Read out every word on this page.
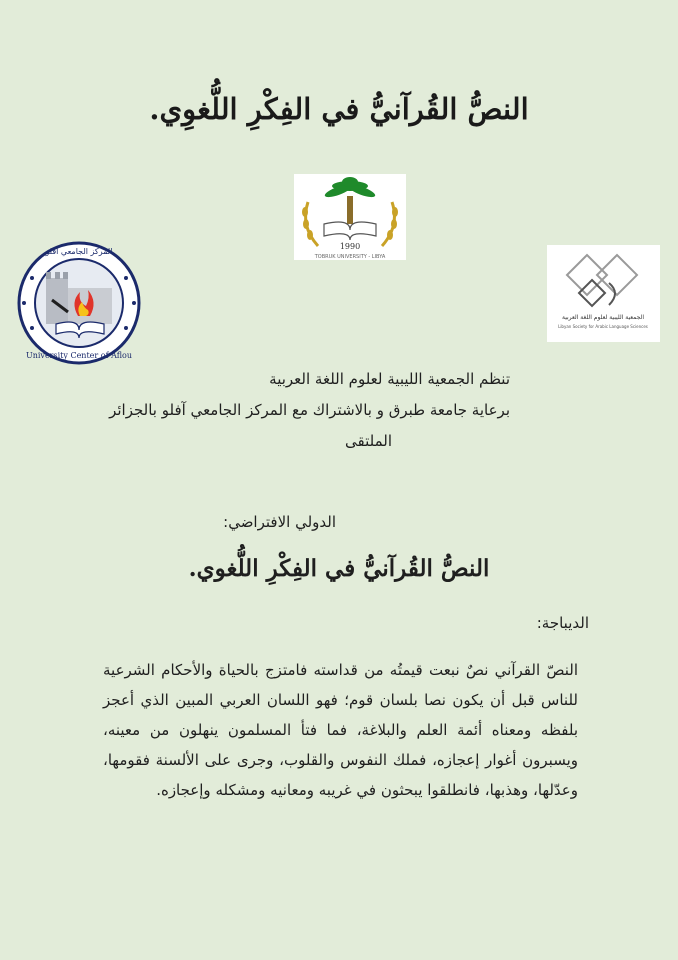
النصُّ القُرآنيُّ في الفِكْرِ اللُّغوِي.
1990
TOBRUK UNIVERSITY - LIBYA
University Center of Aflou
المركز الجامعي آفلو
الجمعية الليبية لعلوم اللغة العربية
Libyan Society for Arabic Language Sciences
تنظم الجمعية الليبية لعلوم اللغة العربية
برعاية جامعة طبرق و بالاشتراك مع المركز الجامعي آفلو بالجزائر
الملتقى
الدولي الافتراضي:
النصُّ القُرآنيُّ في الفِكْرِ اللُّغوي.
الديباجة:
النصّ القرآني نصٌ نبعت قيمتُه من قداسته فامتزج بالحياة والأحكام الشرعية للناس قبل أن يكون نصا بلسان قوم؛ فهو اللسان العربي المبين الذي أعجز بلفظه ومعناه أئمة العلم والبلاغة، فما فتأ المسلمون ينهلون من معينه، ويسبرون أغوار إعجازه، فملك النفوس والقلوب، وجرى على الألسنة فقومها، وعدّلها، وهذبها، فانطلقوا يبحثون في غريبه ومعانيه ومشكله وإعجازه.
